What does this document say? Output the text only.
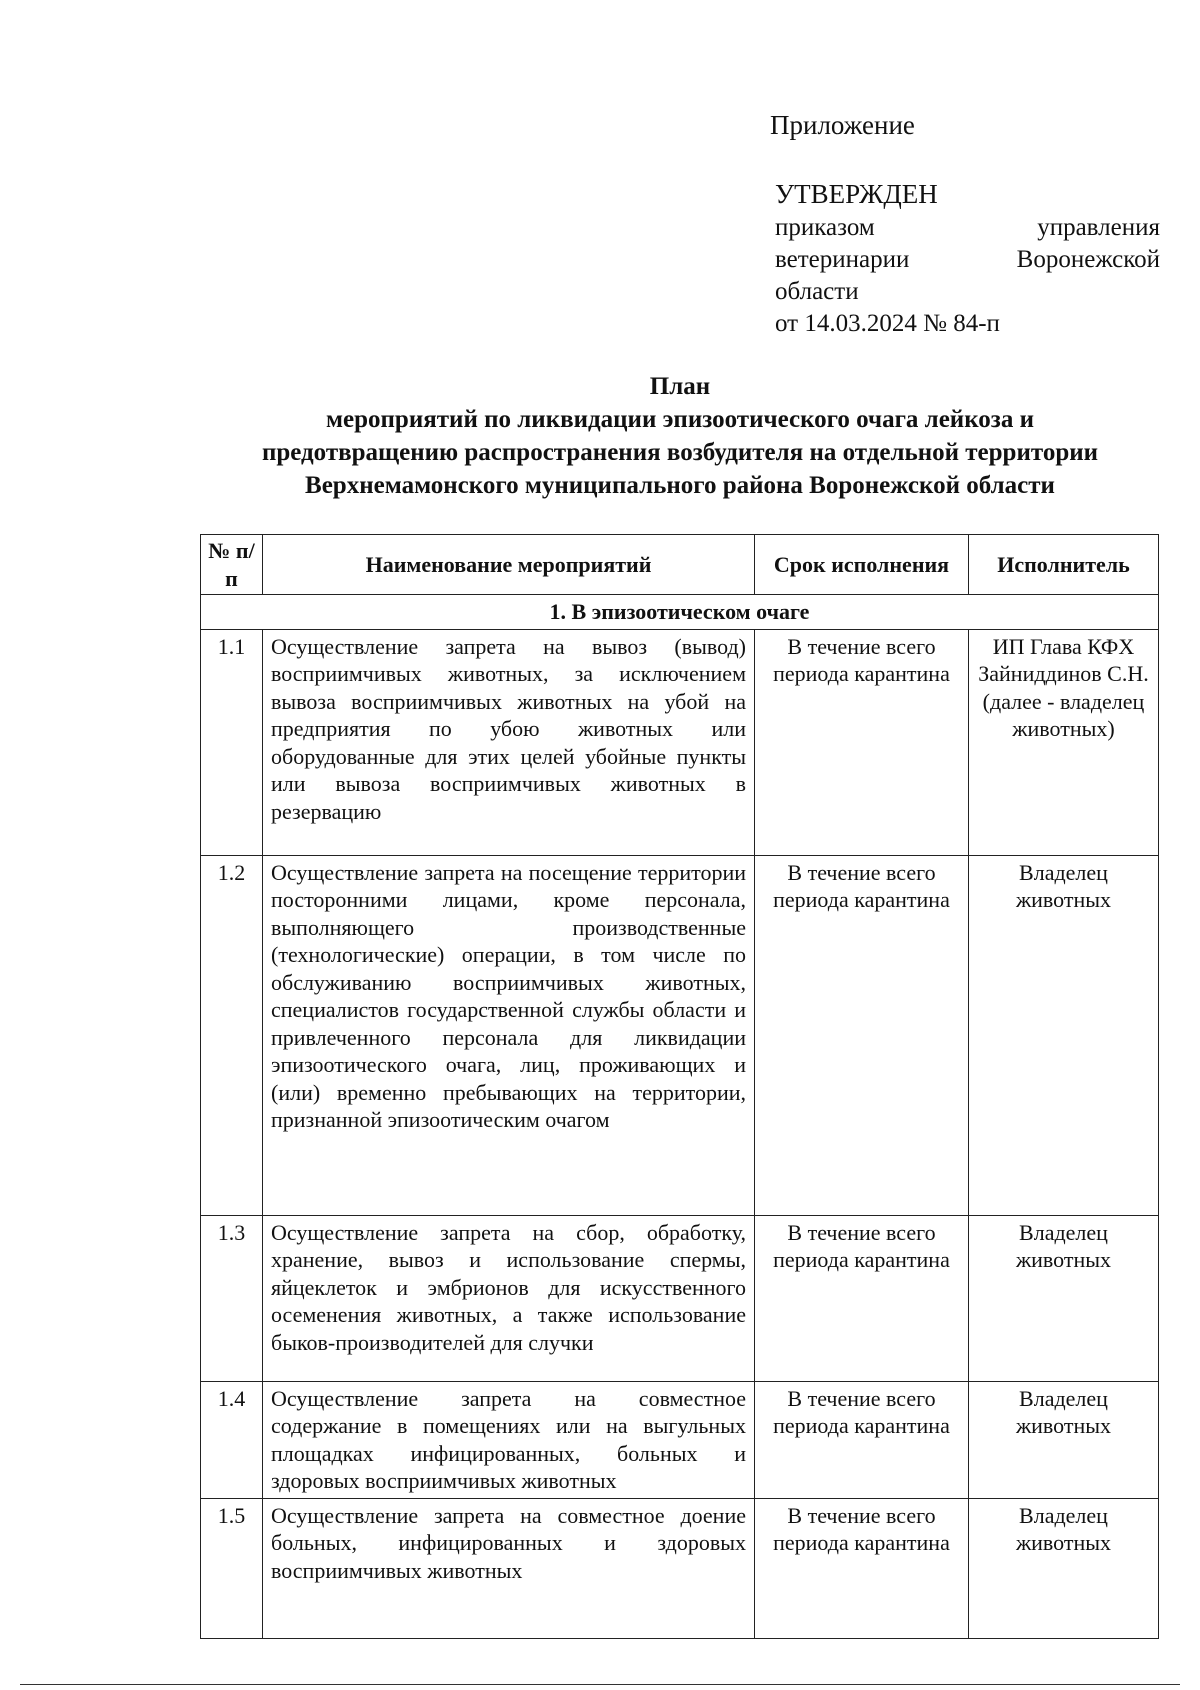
Приложение
УТВЕРЖДЕН
приказом управления
ветеринарии Воронежской
области
от 14.03.2024 № 84-п
План
мероприятий по ликвидации эпизоотического очага лейкоза и
предотвращению распространения возбудителя на отдельной территории
Верхнемамонского муниципального района Воронежской области
№ п/п	Наименование мероприятий	Срок исполнения	Исполнитель
1. В эпизоотическом очаге			
1.1	Осуществление запрета на вывоз (вывод) восприимчивых животных, за исключением вывоза восприимчивых животных на убой на предприятия по убою животных или оборудованные для этих целей убойные пункты или вывоза восприимчивых животных в резервацию	В течение всего периода карантина	ИП Глава КФХ Зайниддинов С.Н. (далее - владелец животных)
1.2	Осуществление запрета на посещение территории посторонними лицами, кроме персонала, выполняющего производственные (технологические) операции, в том числе по обслуживанию восприимчивых животных, специалистов государственной службы области и привлеченного персонала для ликвидации эпизоотического очага, лиц, проживающих и (или) временно пребывающих на территории, признанной эпизоотическим очагом	В течение всего периода карантина	Владелец животных
1.3	Осуществление запрета на сбор, обработку, хранение, вывоз и использование спермы, яйцеклеток и эмбрионов для искусственного осеменения животных, а также использование быков-производителей для случки	В течение всего периода карантина	Владелец животных
1.4	Осуществление запрета на совместное содержание в помещениях или на выгульных площадках инфицированных, больных и здоровых восприимчивых животных	В течение всего периода карантина	Владелец животных
1.5	Осуществление запрета на совместное доение больных, инфицированных и здоровых восприимчивых животных	В течение всего периода карантина	Владелец животных
